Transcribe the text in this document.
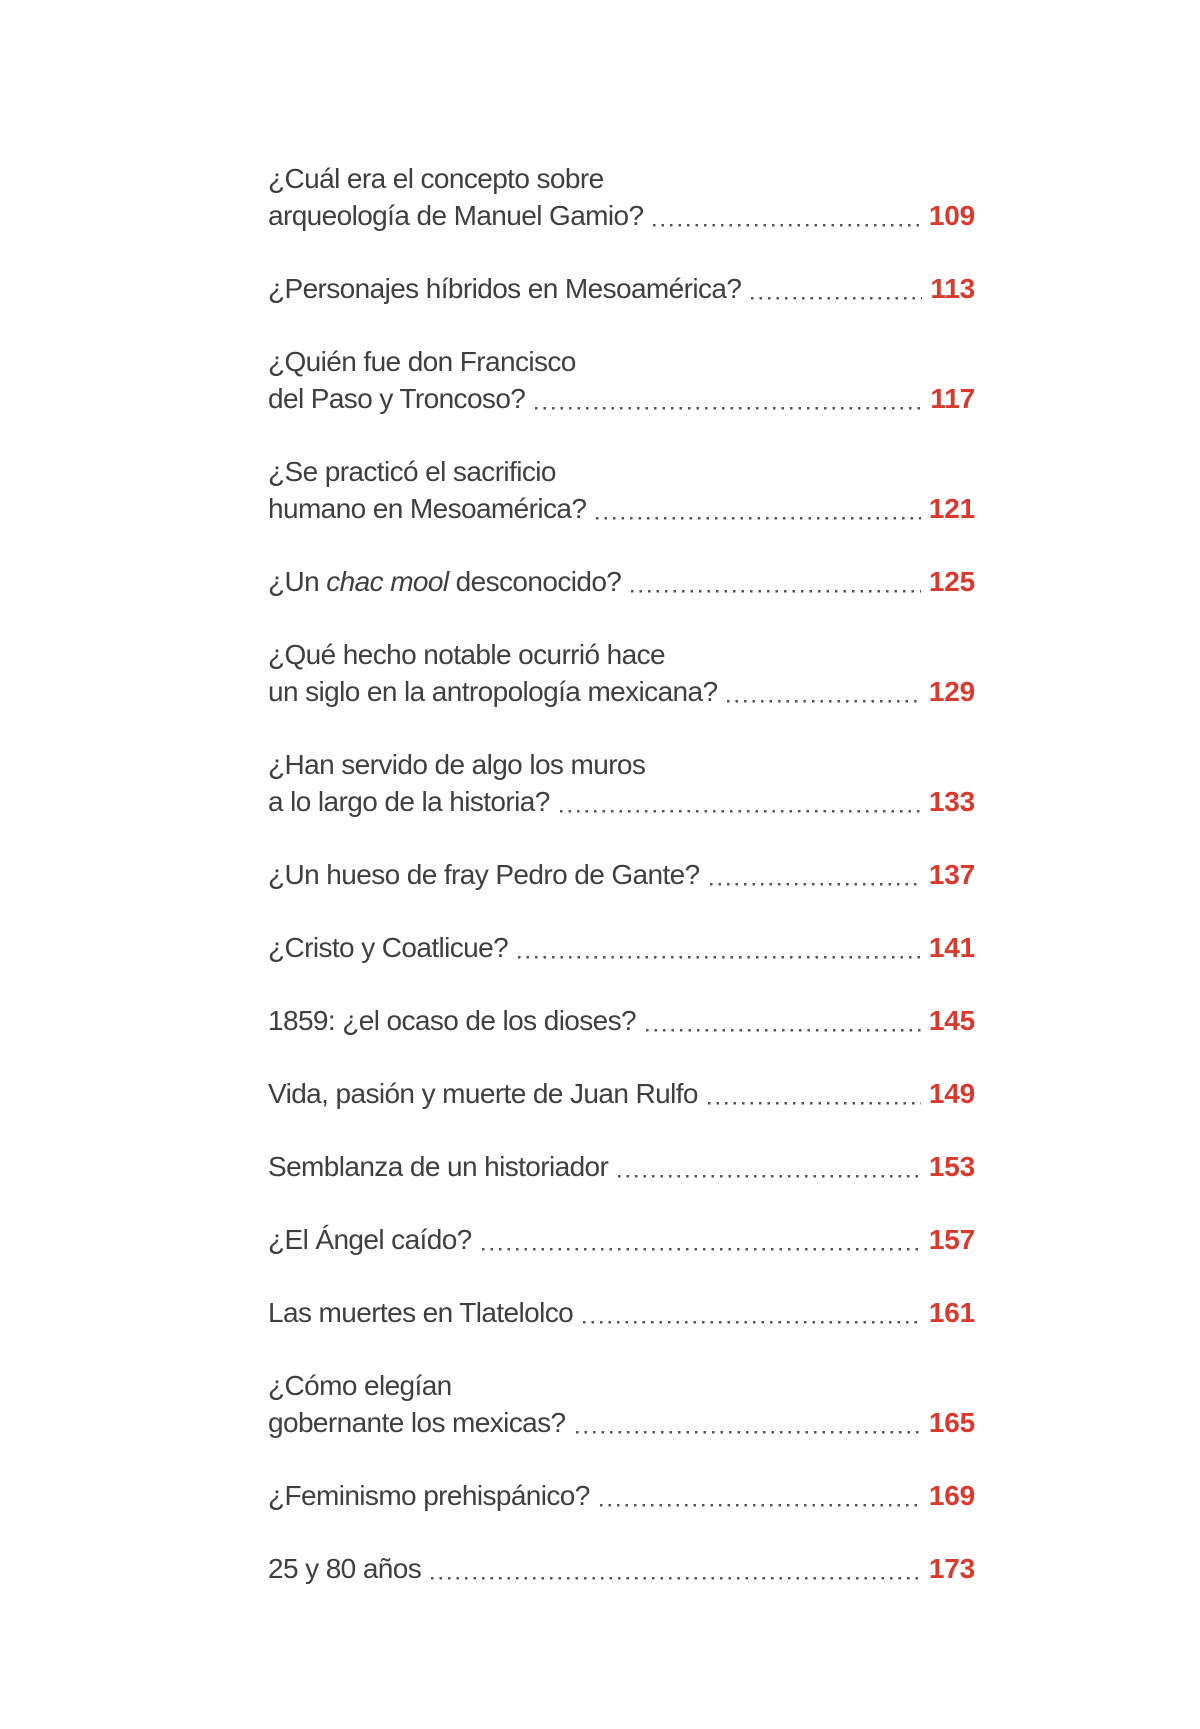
¿Cuál era el concepto sobre
arqueología de Manuel Gamio?	109
¿Personajes híbridos en Mesoamérica?	113
¿Quién fue don Francisco
del Paso y Troncoso?	117
¿Se practicó el sacrificio
humano en Mesoamérica?	121
¿Un chac mool desconocido?	125
¿Qué hecho notable ocurrió hace
un siglo en la antropología mexicana?	129
¿Han servido de algo los muros
a lo largo de la historia?	133
¿Un hueso de fray Pedro de Gante?	137
¿Cristo y Coatlicue?	141
1859: ¿el ocaso de los dioses?	145
Vida, pasión y muerte de Juan Rulfo	149
Semblanza de un historiador	153
¿El Ángel caído?	157
Las muertes en Tlatelolco	161
¿Cómo elegían
gobernante los mexicas?	165
¿Feminismo prehispánico?	169
25 y 80 años	173
